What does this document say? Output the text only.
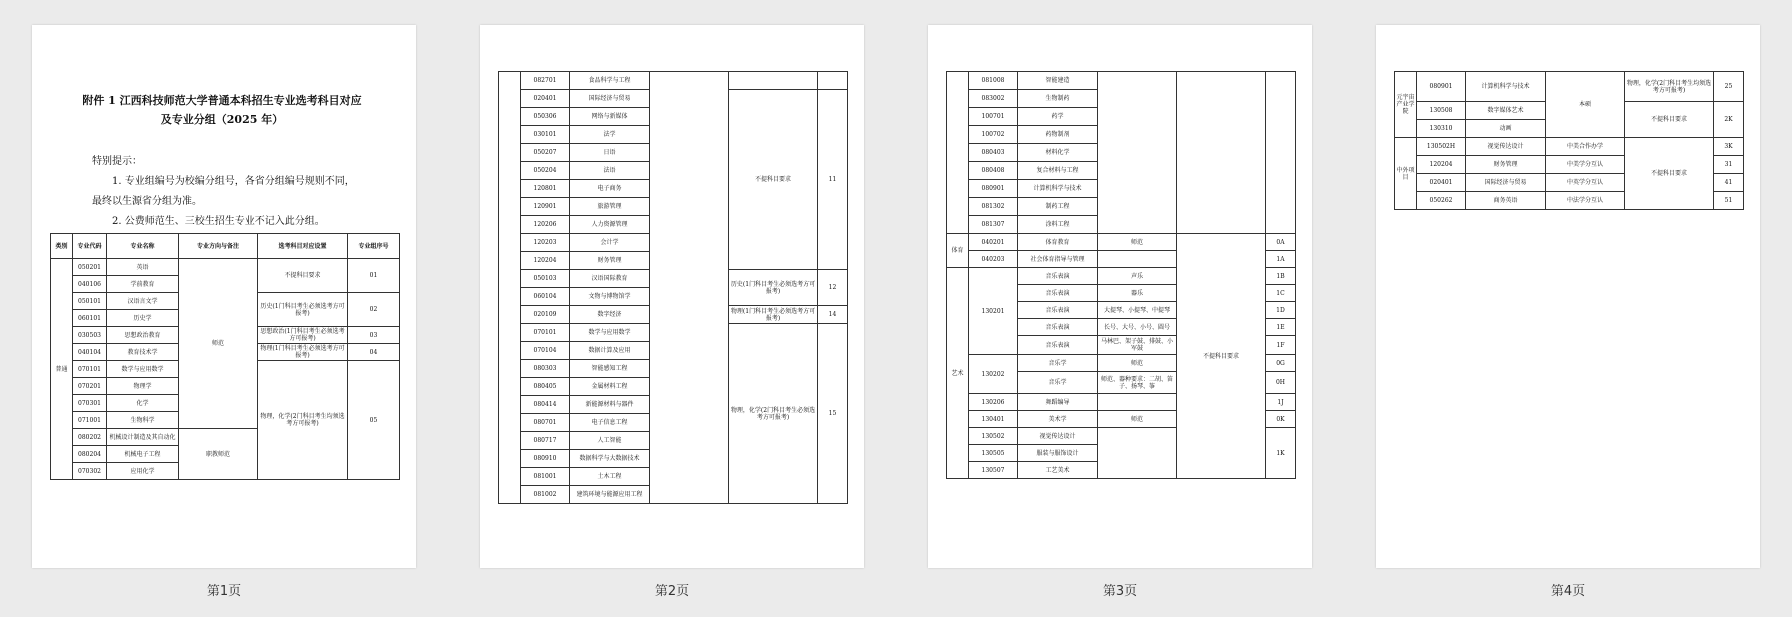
附件 1 江西科技师范大学普通本科招生专业选考科目对应
及专业分组（2025 年）
特别提示：
1. 专业组编号为校编分组号，各省分组编号规则不同，
最终以生源省分组为准。
2. 公费师范生、三校生招生专业不记入此分组。
类别	专业代码	专业名称	专业方向与备注	选考科目对应设置	专业组序号
普通	050201	英语	师范	不提科目要求	01
	040106	学前教育			
	050101	汉语言文学		历史(1门科目考生必须选考方可报考)	02
	060101	历史学			
	030503	思想政治教育		思想政治(1门科目考生必须选考方可报考)	03
	040104	教育技术学		物理(1门科目考生必须选考方可报考)	04
	070101	数学与应用数学		物理，化学(2门科目考生均须选考方可报考)	05
	070201	物理学			
	070301	化学			
	071001	生物科学			
	080202	机械设计制造及其自动化	职教师范		
	080204	机械电子工程			
	070302	应用化学			
第1页
	082701	食品科学与工程			
	020401	国际经济与贸易		不提科目要求	11
	050306	网络与新媒体			
	030101	法学			
	050207	日语			
	050204	法语			
	120801	电子商务			
	120901	旅游管理			
	120206	人力资源管理			
	120203	会计学			
	120204	财务管理			
	050103	汉语国际教育		历史(1门科目考生必须选考方可报考)	12
	060104	文物与博物馆学			
	020109	数字经济		物理(1门科目考生必须选考方可报考)	14
	070101	数学与应用数学		物理，化学(2门科目考生必须选考方可报考)	15
	070104	数据计算及应用			
	080303	智能感知工程			
	080405	金属材料工程			
	080414	新能源材料与器件			
	080701	电子信息工程			
	080717	人工智能			
	080910	数据科学与大数据技术			
	081001	土木工程			
	081002	建筑环境与能源应用工程			
第2页
	081008	智能建造			
	083002	生物制药			
	100701	药学			
	100702	药物制剂			
	080403	材料化学			
	080408	复合材料与工程			
	080901	计算机科学与技术			
	081302	制药工程			
	081307	涂料工程			
体育	040201	体育教育	师范	不提科目要求	0A
	040203	社会体育指导与管理			1A
艺术	130201	音乐表演	声乐		1B
		音乐表演	器乐		1C
		音乐表演	大提琴、小提琴、中提琴		1D
		音乐表演	长号、大号、小号、圆号		1E
		音乐表演	马林巴、架子鼓、排鼓、小军鼓		1F
	130202	音乐学	师范		0G
		音乐学	师范、器种要求：二胡、笛子、扬琴、筝		0H
	130206	舞蹈编导			1J
	130401	美术学	师范		0K
	130502	视觉传达设计			1K
	130505	服装与服饰设计			
	130507	工艺美术			
第3页
元宇宙产业学院	080901	计算机科学与技术	本硕	物理，化学(2门科目考生均须选考方可报考)	25
	130508	数字媒体艺术		不提科目要求	2K
	130310	动画			
中外项目	130502H	视觉传达设计	中美合作办学	不提科目要求	3K
	120204	财务管理	中美学分互认		31
	020401	国际经济与贸易	中英学分互认		41
	050262	商务英语	中法学分互认		51
第4页
